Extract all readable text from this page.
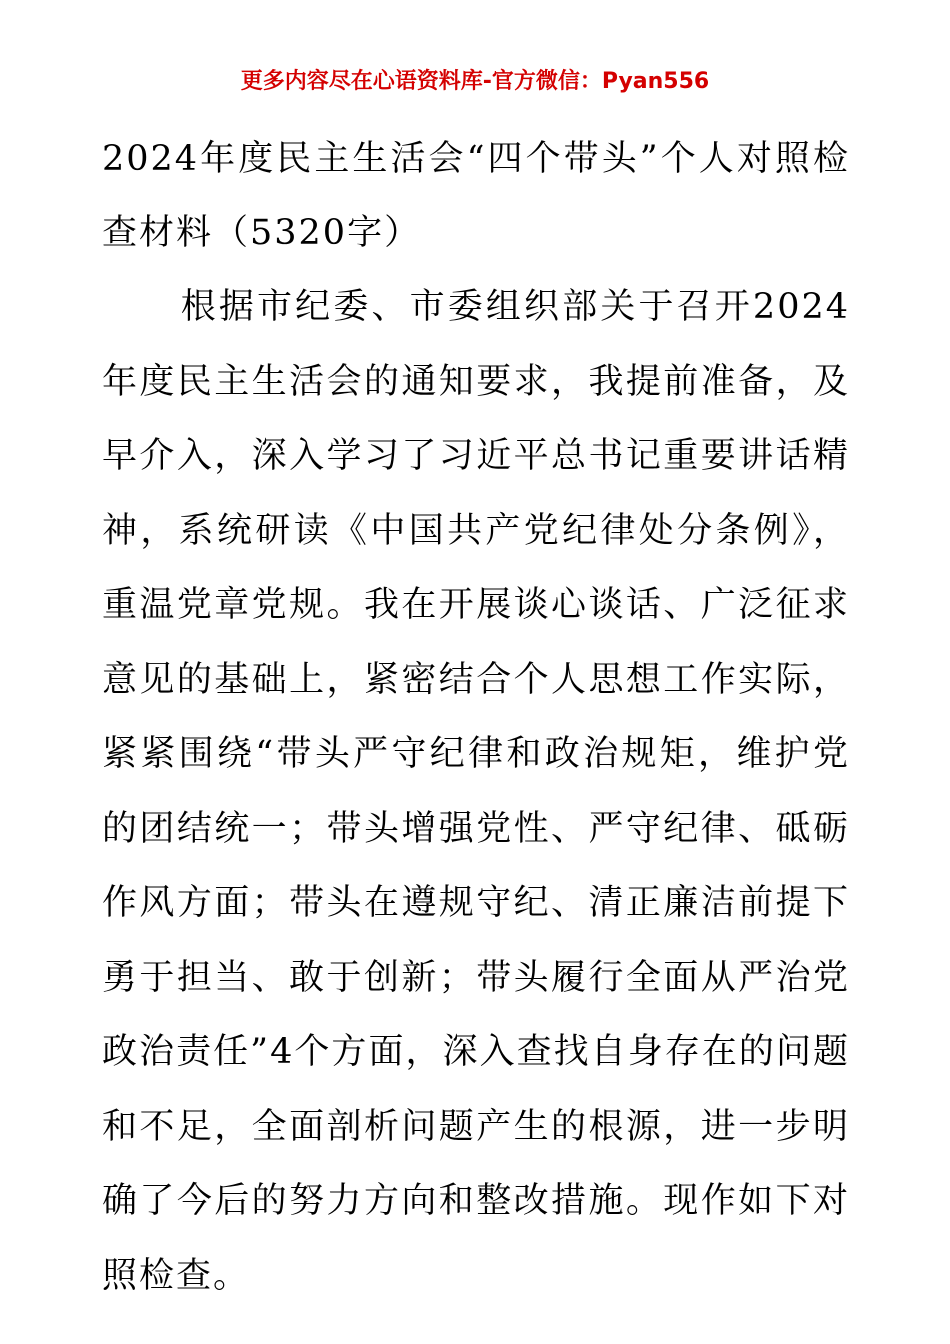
更多内容尽在心语资料库-官方微信：Pyan556
2024年度民主生活会“四个带头”个人对照检查材料（5320字）

根据市纪委、市委组织部关于召开2024年度民主生活会的通知要求，我提前准备，及早介入，深入学习了习近平总书记重要讲话精神，系统研读《中国共产党纪律处分条例》，重温党章党规。我在开展谈心谈话、广泛征求意见的基础上，紧密结合个人思想工作实际，紧紧围绕“带头严守纪律和政治规矩，维护党的团结统一；带头增强党性、严守纪律、砥砺作风方面；带头在遵规守纪、清正廉洁前提下勇于担当、敢于创新；带头履行全面从严治党政治责任”4个方面，深入查找自身存在的问题和不足，全面剖析问题产生的根源，进一步明确了今后的努力方向和整改措施。现作如下对照检查。
